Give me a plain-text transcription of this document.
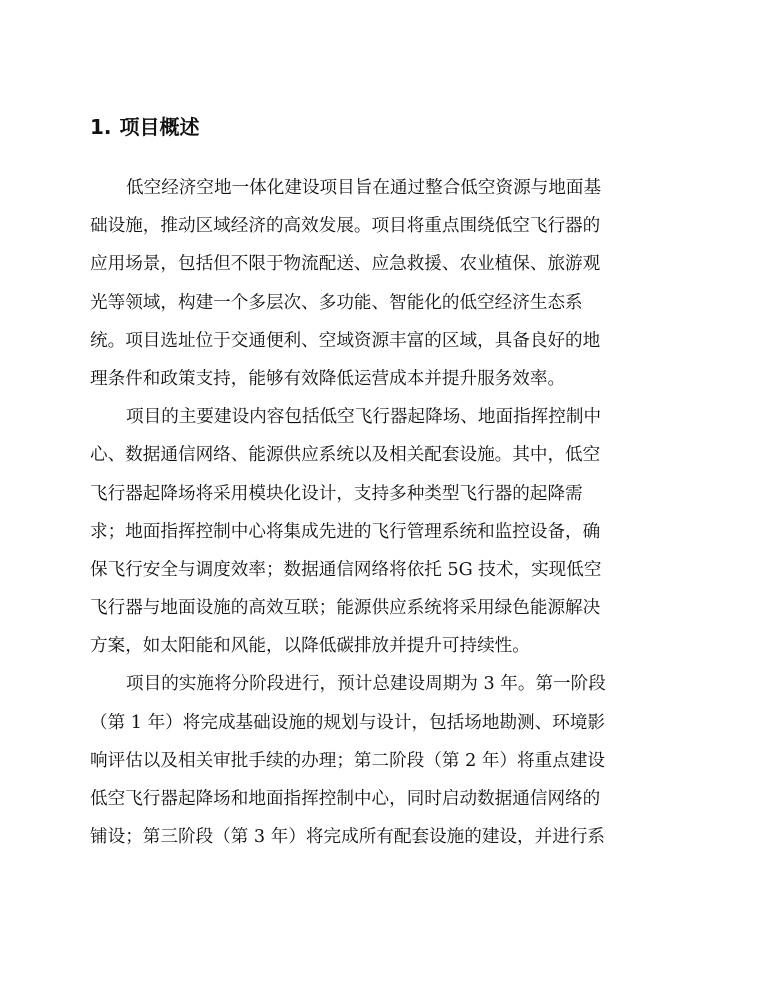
1. 项目概述
低空经济空地一体化建设项目旨在通过整合低空资源与地面基
础设施，推动区域经济的高效发展。项目将重点围绕低空飞行器的
应用场景，包括但不限于物流配送、应急救援、农业植保、旅游观
光等领域，构建一个多层次、多功能、智能化的低空经济生态系
统。项目选址位于交通便利、空域资源丰富的区域，具备良好的地
理条件和政策支持，能够有效降低运营成本并提升服务效率。
项目的主要建设内容包括低空飞行器起降场、地面指挥控制中
心、数据通信网络、能源供应系统以及相关配套设施。其中，低空
飞行器起降场将采用模块化设计，支持多种类型飞行器的起降需
求；地面指挥控制中心将集成先进的飞行管理系统和监控设备，确
保飞行安全与调度效率；数据通信网络将依托 5G 技术，实现低空
飞行器与地面设施的高效互联；能源供应系统将采用绿色能源解决
方案，如太阳能和风能，以降低碳排放并提升可持续性。
项目的实施将分阶段进行，预计总建设周期为 3 年。第一阶段
（第 1 年）将完成基础设施的规划与设计，包括场地勘测、环境影
响评估以及相关审批手续的办理；第二阶段（第 2 年）将重点建设
低空飞行器起降场和地面指挥控制中心，同时启动数据通信网络的
铺设；第三阶段（第 3 年）将完成所有配套设施的建设，并进行系
